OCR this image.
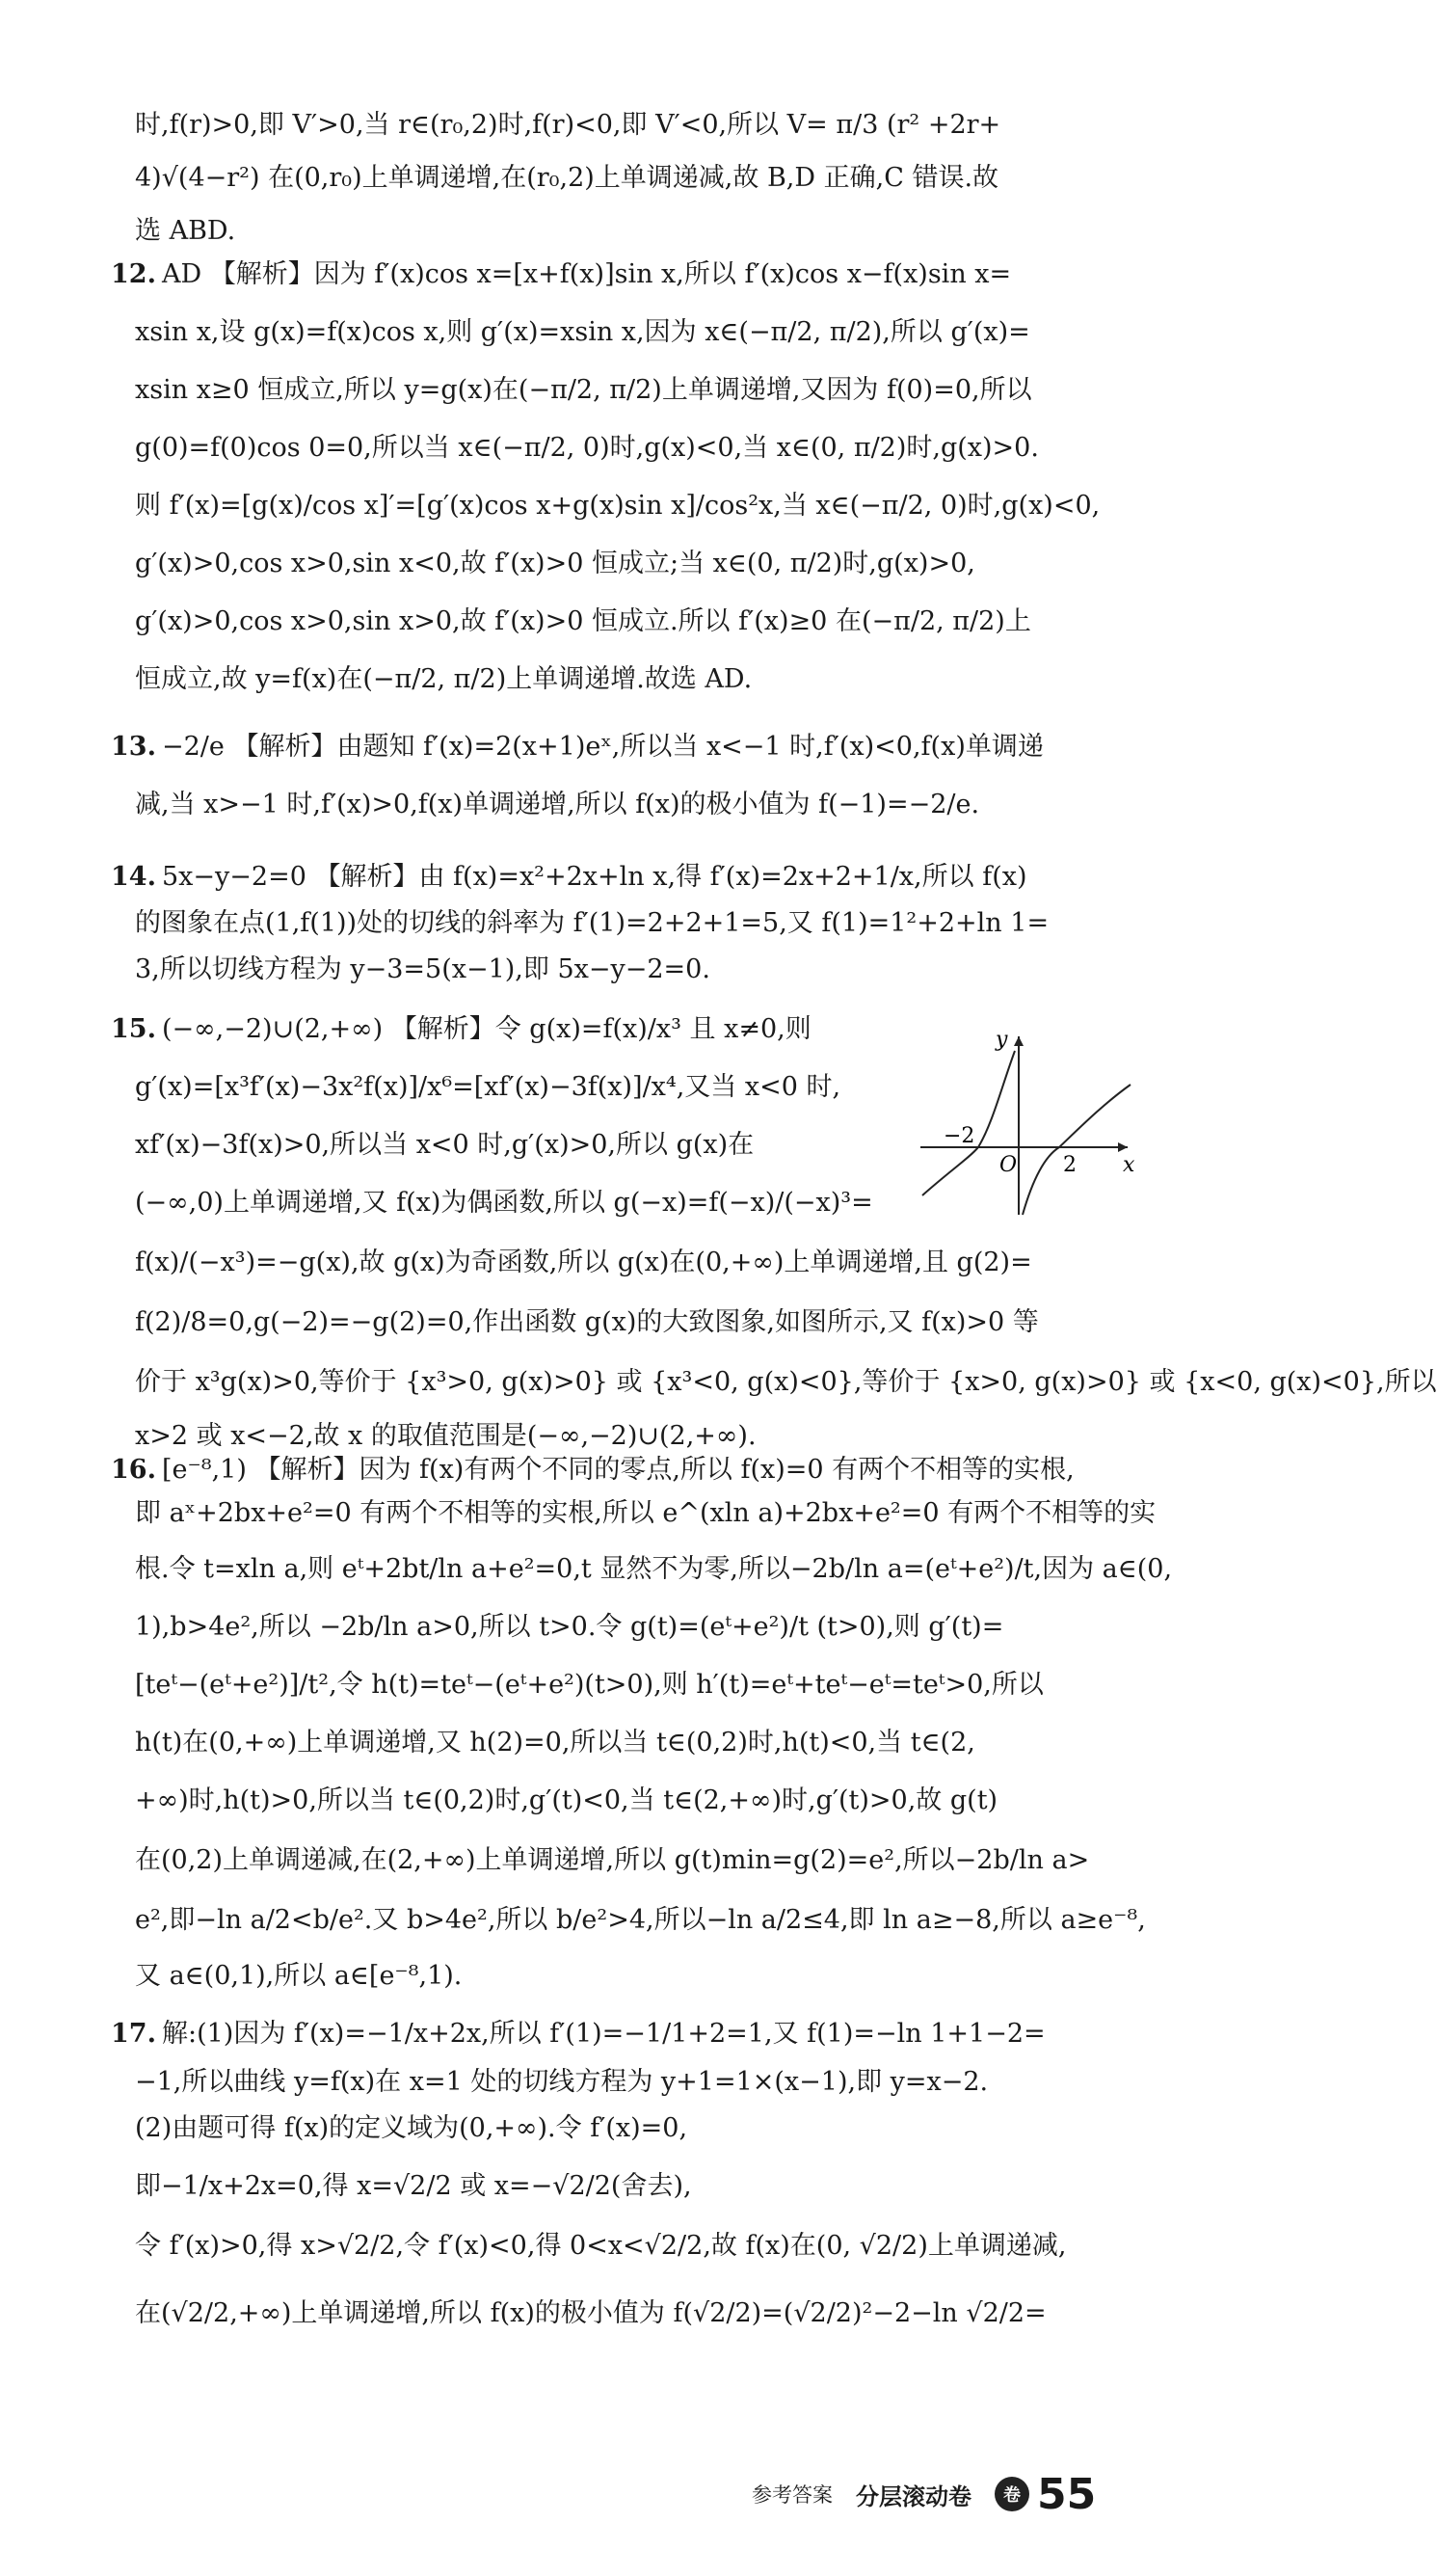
时,f(r)>0,即 V′>0,当 r∈(r₀,2)时,f(r)<0,即 V′<0,所以 V= π/3 (r² +2r+
4)√(4−r²) 在(0,r₀)上单调递增,在(r₀,2)上单调递减,故 B,D 正确,C 错误.故
选 ABD.
12. AD 【解析】因为 f′(x)cos x=[x+f(x)]sin x,所以 f′(x)cos x−f(x)sin x=
xsin x,设 g(x)=f(x)cos x,则 g′(x)=xsin x,因为 x∈(−π/2, π/2),所以 g′(x)=
xsin x≥0 恒成立,所以 y=g(x)在(−π/2, π/2)上单调递增,又因为 f(0)=0,所以
g(0)=f(0)cos 0=0,所以当 x∈(−π/2, 0)时,g(x)<0,当 x∈(0, π/2)时,g(x)>0.
则 f′(x)=[g(x)/cos x]′=[g′(x)cos x+g(x)sin x]/cos²x,当 x∈(−π/2, 0)时,g(x)<0,
g′(x)>0,cos x>0,sin x<0,故 f′(x)>0 恒成立;当 x∈(0, π/2)时,g(x)>0,
g′(x)>0,cos x>0,sin x>0,故 f′(x)>0 恒成立.所以 f′(x)≥0 在(−π/2, π/2)上
恒成立,故 y=f(x)在(−π/2, π/2)上单调递增.故选 AD.
13. −2/e 【解析】由题知 f′(x)=2(x+1)eˣ,所以当 x<−1 时,f′(x)<0,f(x)单调递
减,当 x>−1 时,f′(x)>0,f(x)单调递增,所以 f(x)的极小值为 f(−1)=−2/e.
14. 5x−y−2=0 【解析】由 f(x)=x²+2x+ln x,得 f′(x)=2x+2+1/x,所以 f(x)
的图象在点(1,f(1))处的切线的斜率为 f′(1)=2+2+1=5,又 f(1)=1²+2+ln 1=
3,所以切线方程为 y−3=5(x−1),即 5x−y−2=0.
15. (−∞,−2)∪(2,+∞) 【解析】令 g(x)=f(x)/x³ 且 x≠0,则
g′(x)=[x³f′(x)−3x²f(x)]/x⁶=[xf′(x)−3f(x)]/x⁴,又当 x<0 时,
xf′(x)−3f(x)>0,所以当 x<0 时,g′(x)>0,所以 g(x)在
(−∞,0)上单调递增,又 f(x)为偶函数,所以 g(−x)=f(−x)/(−x)³=
f(x)/(−x³)=−g(x),故 g(x)为奇函数,所以 g(x)在(0,+∞)上单调递增,且 g(2)=
f(2)/8=0,g(−2)=−g(2)=0,作出函数 g(x)的大致图象,如图所示,又 f(x)>0 等
价于 x³g(x)>0,等价于 {x³>0, g(x)>0} 或 {x³<0, g(x)<0},等价于 {x>0, g(x)>0} 或 {x<0, g(x)<0},所以
x>2 或 x<−2,故 x 的取值范围是(−∞,−2)∪(2,+∞).
16. [e⁻⁸,1) 【解析】因为 f(x)有两个不同的零点,所以 f(x)=0 有两个不相等的实根,
即 aˣ+2bx+e²=0 有两个不相等的实根,所以 e^(xln a)+2bx+e²=0 有两个不相等的实
根.令 t=xln a,则 eᵗ+2bt/ln a+e²=0,t 显然不为零,所以−2b/ln a=(eᵗ+e²)/t,因为 a∈(0,
1),b>4e²,所以 −2b/ln a>0,所以 t>0.令 g(t)=(eᵗ+e²)/t (t>0),则 g′(t)=
[teᵗ−(eᵗ+e²)]/t²,令 h(t)=teᵗ−(eᵗ+e²)(t>0),则 h′(t)=eᵗ+teᵗ−eᵗ=teᵗ>0,所以
h(t)在(0,+∞)上单调递增,又 h(2)=0,所以当 t∈(0,2)时,h(t)<0,当 t∈(2,
+∞)时,h(t)>0,所以当 t∈(0,2)时,g′(t)<0,当 t∈(2,+∞)时,g′(t)>0,故 g(t)
在(0,2)上单调递减,在(2,+∞)上单调递增,所以 g(t)min=g(2)=e²,所以−2b/ln a>
e²,即−ln a/2<b/e².又 b>4e²,所以 b/e²>4,所以−ln a/2≤4,即 ln a≥−8,所以 a≥e⁻⁸,
又 a∈(0,1),所以 a∈[e⁻⁸,1).
17. 解:(1)因为 f′(x)=−1/x+2x,所以 f′(1)=−1/1+2=1,又 f(1)=−ln 1+1−2=
−1,所以曲线 y=f(x)在 x=1 处的切线方程为 y+1=1×(x−1),即 y=x−2.
(2)由题可得 f(x)的定义域为(0,+∞).令 f′(x)=0,
即−1/x+2x=0,得 x=√2/2 或 x=−√2/2(舍去),
令 f′(x)>0,得 x>√2/2,令 f′(x)<0,得 0<x<√2/2,故 f(x)在(0, √2/2)上单调递减,
在(√2/2,+∞)上单调递增,所以 f(x)的极小值为 f(√2/2)=(√2/2)²−2−ln √2/2=
y
x
O
−2
2
参考答案 分层滚动卷	卷 55
